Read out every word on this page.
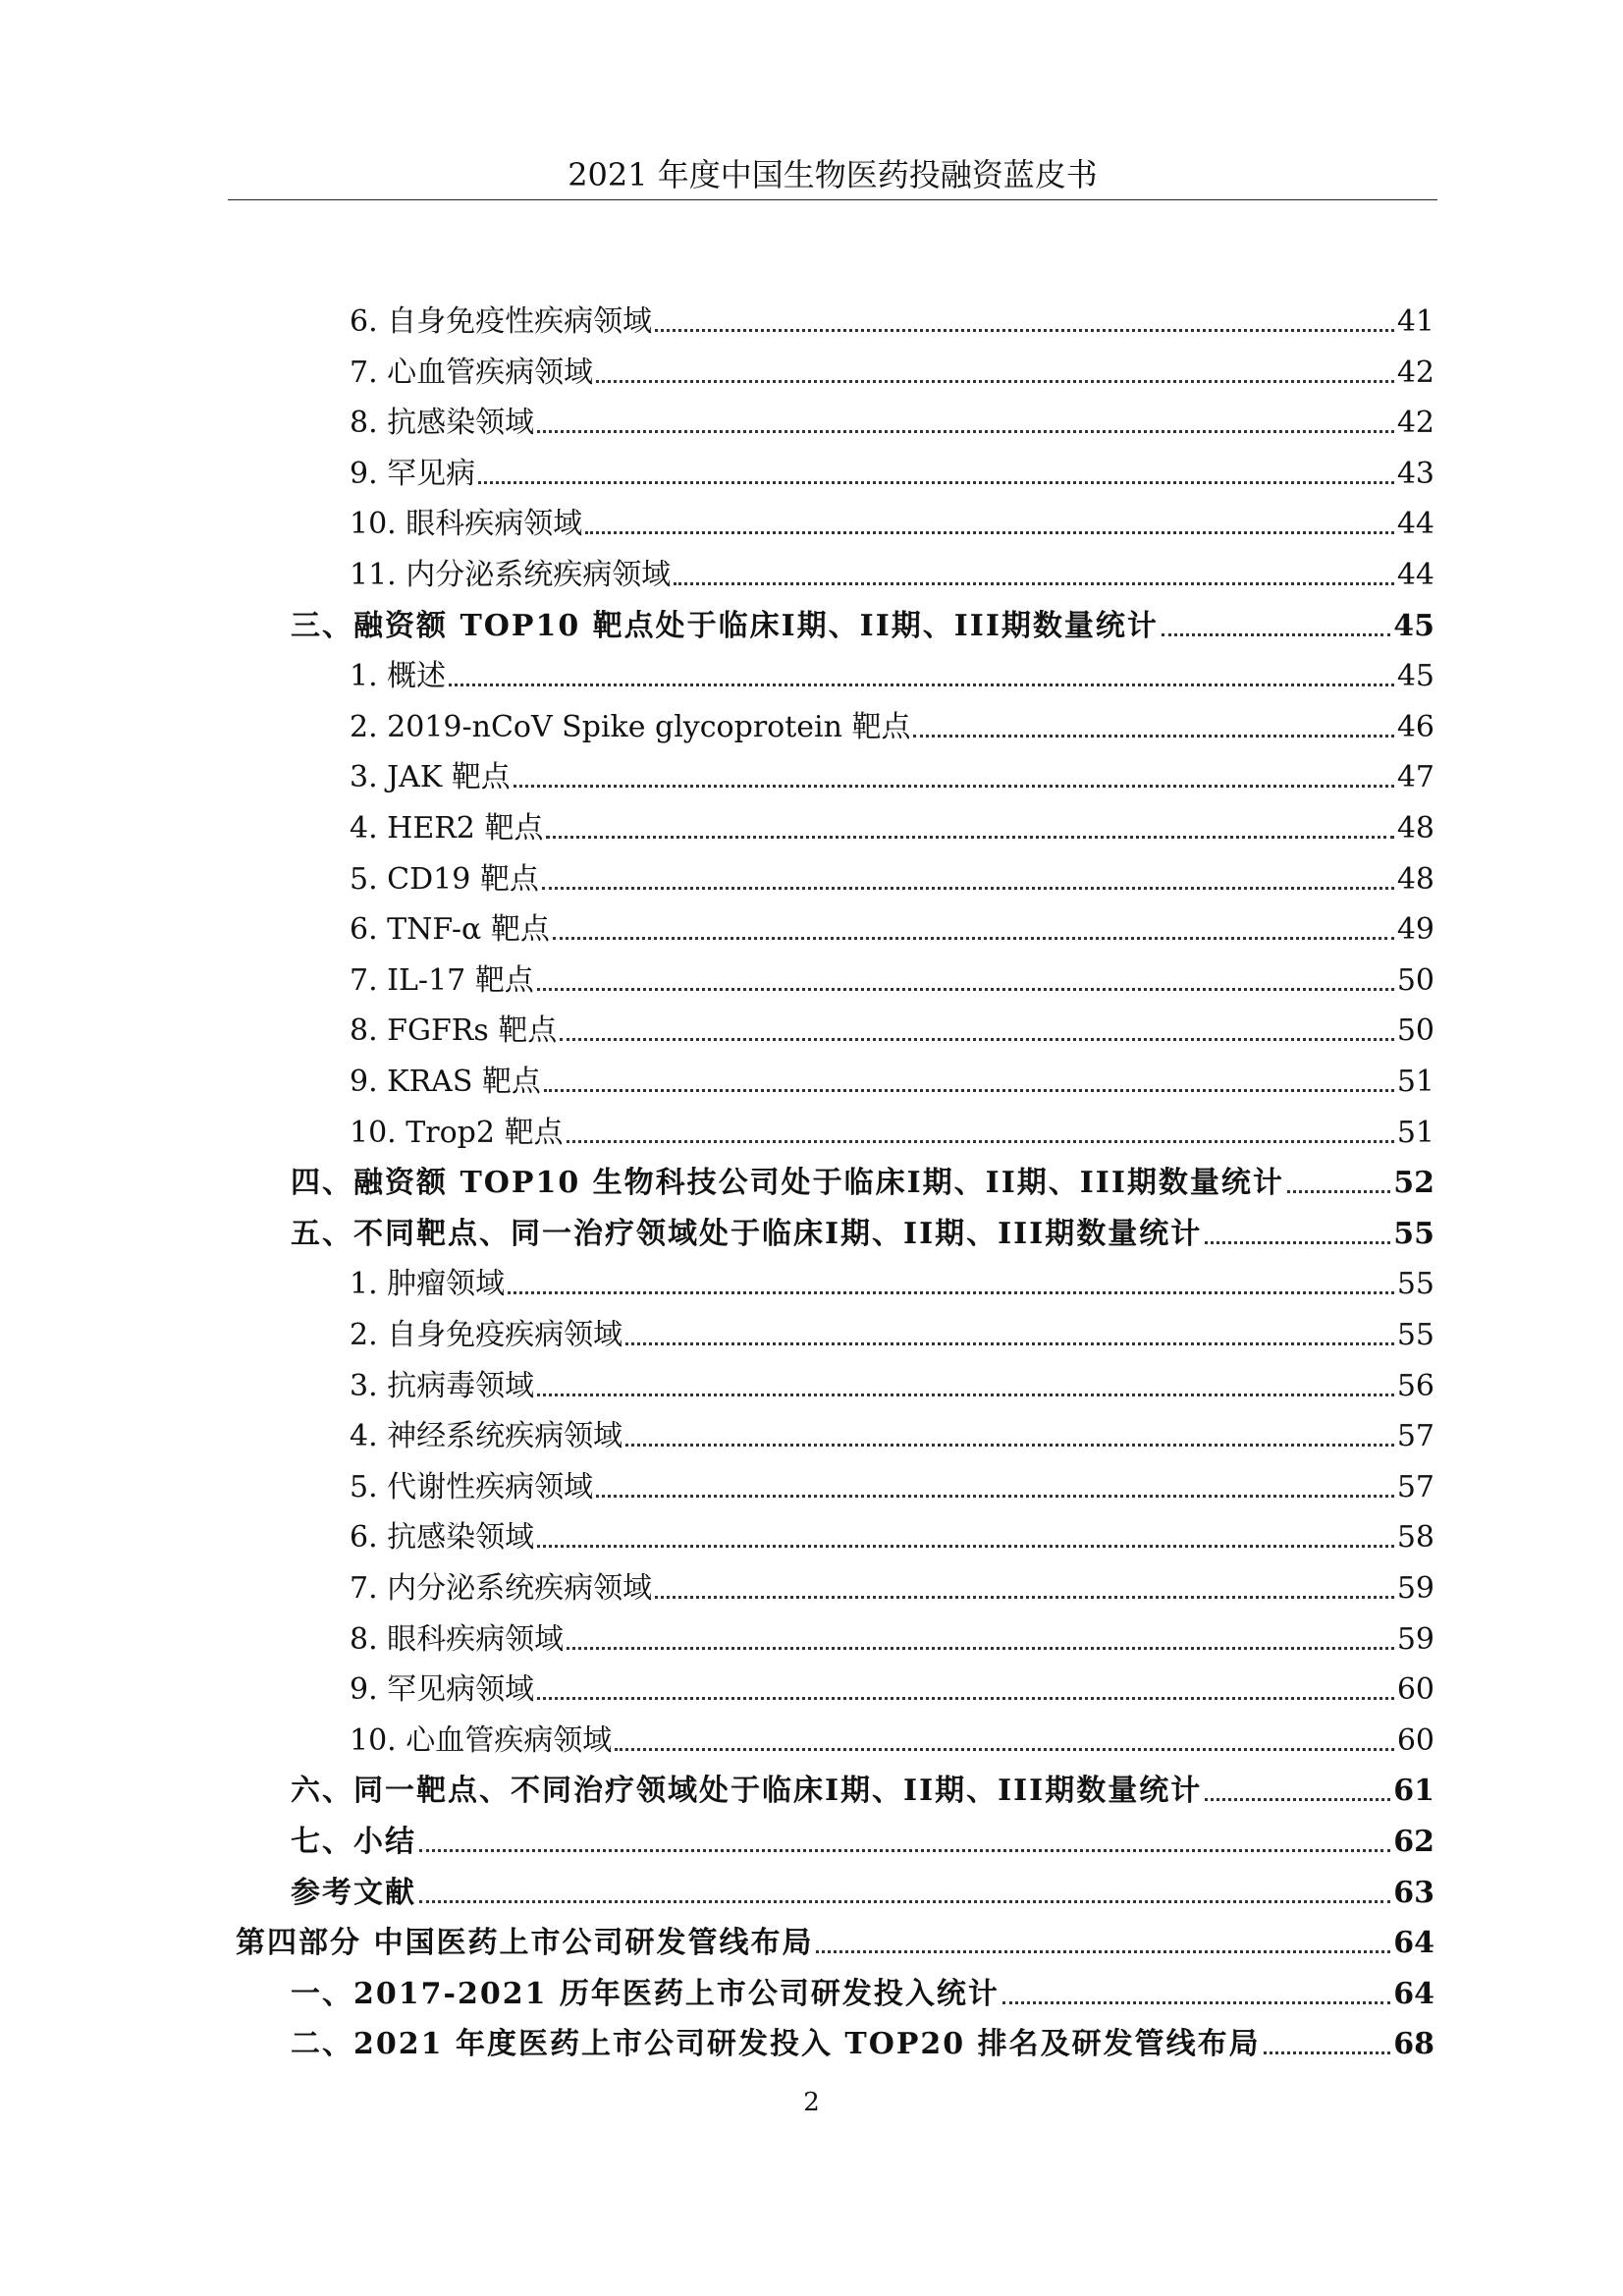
2021 年度中国生物医药投融资蓝皮书
6. 自身免疫性疾病领域	41
7. 心血管疾病领域	42
8. 抗感染领域	42
9. 罕见病	43
10. 眼科疾病领域	44
11. 内分泌系统疾病领域	44
三、融资额 TOP10 靶点处于临床I期、II期、III期数量统计	45
1. 概述	45
2. 2019-nCoV Spike glycoprotein 靶点	46
3. JAK 靶点	47
4. HER2 靶点	48
5. CD19 靶点	48
6. TNF-α 靶点	49
7. IL-17 靶点	50
8. FGFRs 靶点	50
9. KRAS 靶点	51
10. Trop2 靶点	51
四、融资额 TOP10 生物科技公司处于临床I期、II期、III期数量统计	52
五、不同靶点、同一治疗领域处于临床I期、II期、III期数量统计	55
1. 肿瘤领域	55
2. 自身免疫疾病领域	55
3. 抗病毒领域	56
4. 神经系统疾病领域	57
5. 代谢性疾病领域	57
6. 抗感染领域	58
7. 内分泌系统疾病领域	59
8. 眼科疾病领域	59
9. 罕见病领域	60
10. 心血管疾病领域	60
六、同一靶点、不同治疗领域处于临床I期、II期、III期数量统计	61
七、小结	62
参考文献	63
第四部分 中国医药上市公司研发管线布局	64
一、2017-2021 历年医药上市公司研发投入统计	64
二、2021 年度医药上市公司研发投入 TOP20 排名及研发管线布局	68
2
